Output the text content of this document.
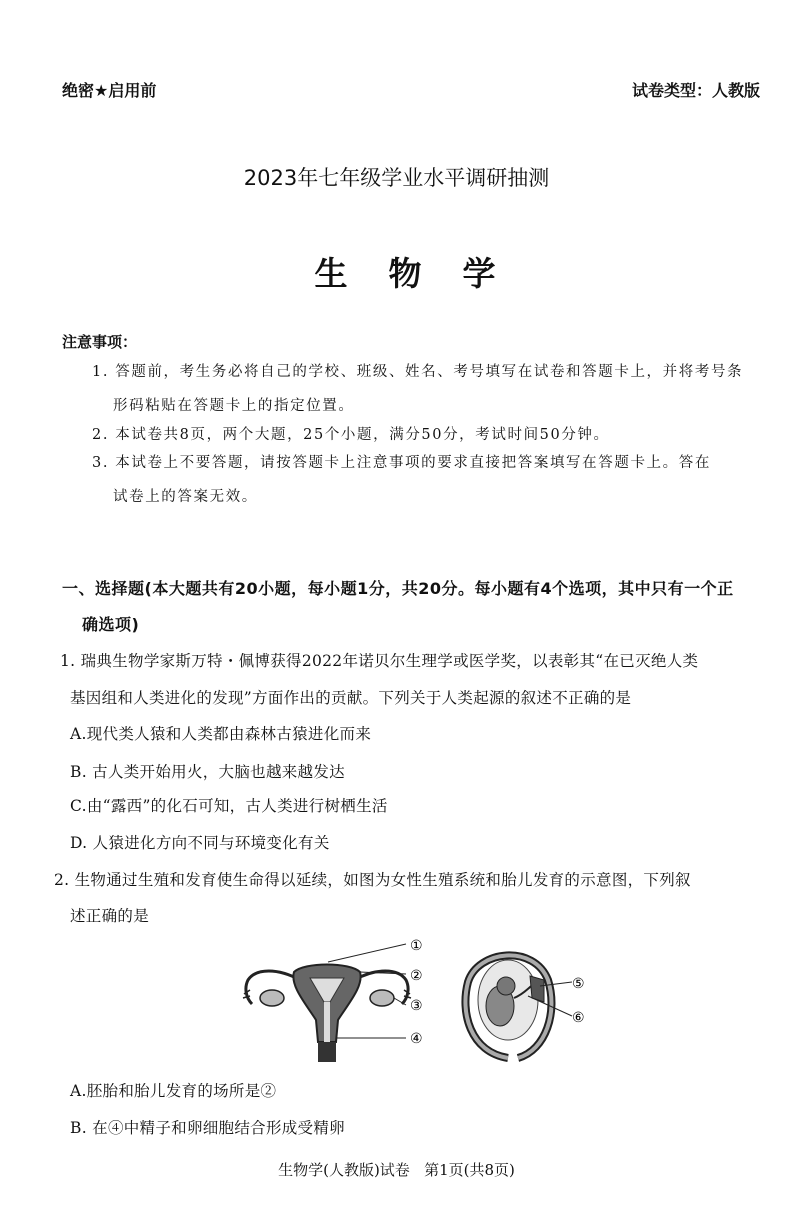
绝密★启用前	试卷类型：人教版
2023年七年级学业水平调研抽测
生  物  学
注意事项：
1. 答题前，考生务必将自己的学校、班级、姓名、考号填写在试卷和答题卡上，并将考号条
形码粘贴在答题卡上的指定位置。
2. 本试卷共8页，两个大题，25个小题，满分50分，考试时间50分钟。
3. 本试卷上不要答题，请按答题卡上注意事项的要求直接把答案填写在答题卡上。答在
试卷上的答案无效。
一、选择题(本大题共有20小题，每小题1分，共20分。每小题有4个选项，其中只有一个正
确选项)
1. 瑞典生物学家斯万特・佩博获得2022年诺贝尔生理学或医学奖，以表彰其“在已灭绝人类
基因组和人类进化的发现”方面作出的贡献。下列关于人类起源的叙述不正确的是
A.现代类人猿和人类都由森林古猿进化而来
B. 古人类开始用火，大脑也越来越发达
C.由“露西”的化石可知，古人类进行树栖生活
D. 人猿进化方向不同与环境变化有关
2. 生物通过生殖和发育使生命得以延续，如图为女性生殖系统和胎儿发育的示意图，下列叙
述正确的是
①
②
③
④
⑤
⑥
A.胚胎和胎儿发育的场所是②
B. 在④中精子和卵细胞结合形成受精卵
生物学(人教版)试卷   第1页(共8页)
